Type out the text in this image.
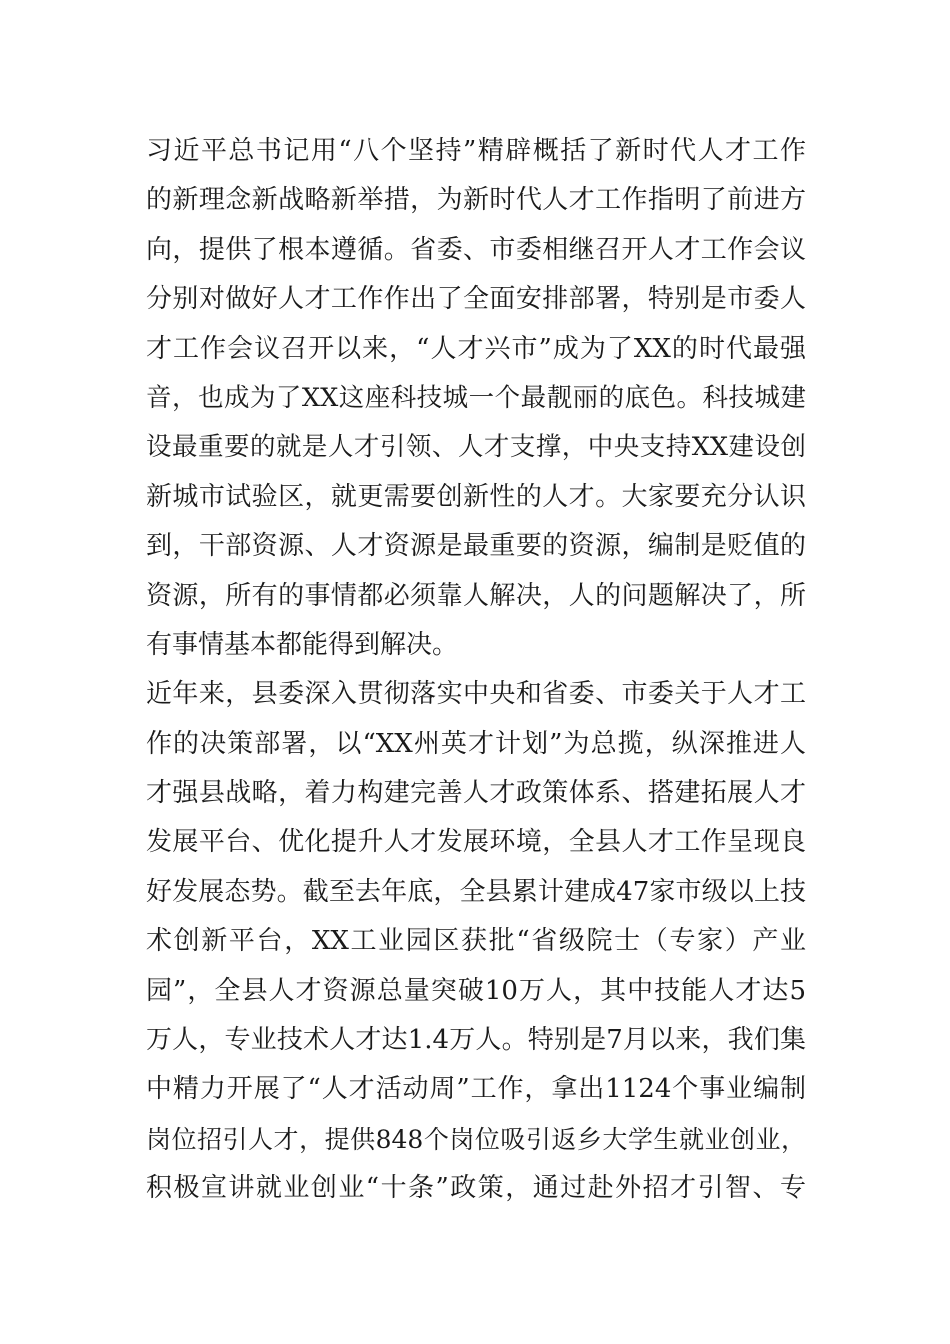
习近平总书记用“八个坚持”精辟概括了新时代人才工作
的新理念新战略新举措，为新时代人才工作指明了前进方
向，提供了根本遵循。省委、市委相继召开人才工作会议
分别对做好人才工作作出了全面安排部署，特别是市委人
才工作会议召开以来，“人才兴市”成为了XX的时代最强
音，也成为了XX这座科技城一个最靓丽的底色。科技城建
设最重要的就是人才引领、人才支撑，中央支持XX建设创
新城市试验区，就更需要创新性的人才。大家要充分认识
到，干部资源、人才资源是最重要的资源，编制是贬值的
资源，所有的事情都必须靠人解决，人的问题解决了，所
有事情基本都能得到解决。
近年来，县委深入贯彻落实中央和省委、市委关于人才工
作的决策部署，以“XX州英才计划”为总揽，纵深推进人
才强县战略，着力构建完善人才政策体系、搭建拓展人才
发展平台、优化提升人才发展环境，全县人才工作呈现良
好发展态势。截至去年底，全县累计建成47家市级以上技
术创新平台，XX工业园区获批“省级院士（专家）产业
园”，全县人才资源总量突破10万人，其中技能人才达5
万人，专业技术人才达1.4万人。特别是7月以来，我们集
中精力开展了“人才活动周”工作，拿出1124个事业编制
岗位招引人才，提供848个岗位吸引返乡大学生就业创业，
积极宣讲就业创业“十条”政策，通过赴外招才引智、专
